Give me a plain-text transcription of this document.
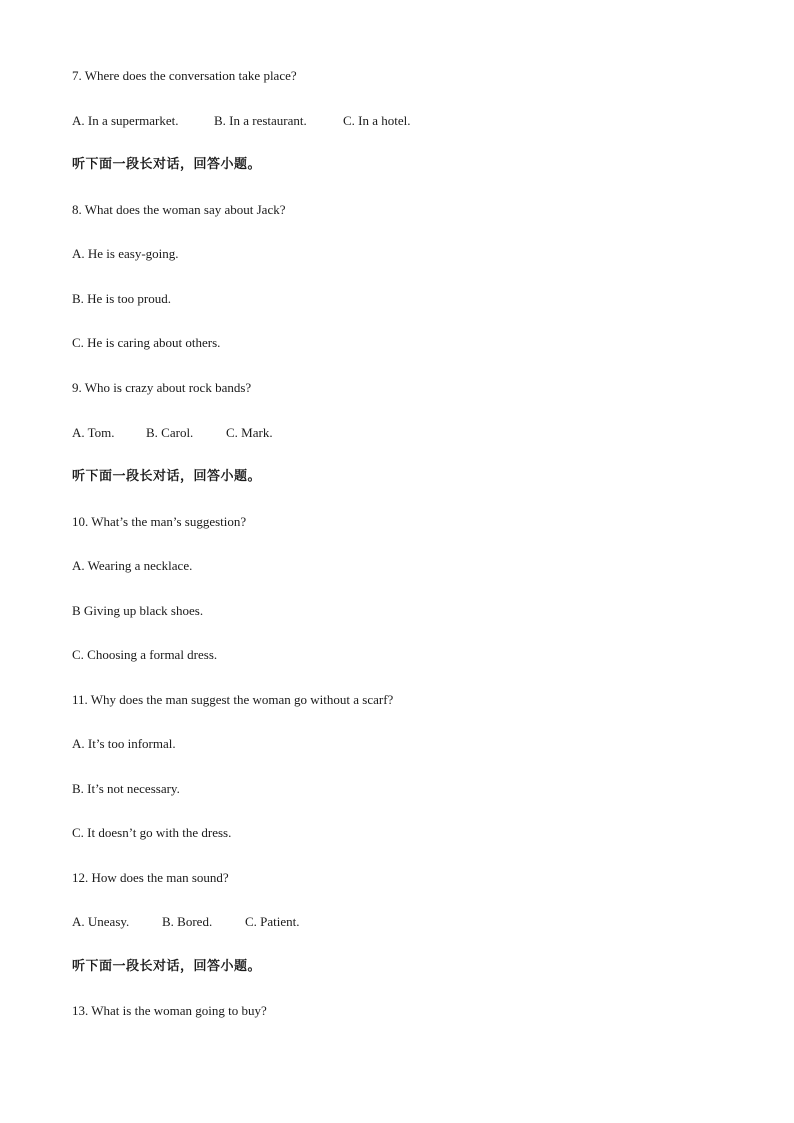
7. Where does the conversation take place?
A. In a supermarket.	B. In a restaurant.	C. In a hotel.
听下面一段长对话，回答小题。
8. What does the woman say about Jack?
A. He is easy-going.
B. He is too proud.
C. He is caring about others.
9. Who is crazy about rock bands?
A. Tom. B. Carol.	C. Mark.
听下面一段长对话，回答小题。
10. What’s the man’s suggestion?
A. Wearing a necklace.
B Giving up black shoes.
C. Choosing a formal dress.
11. Why does the man suggest the woman go without a scarf?
A. It’s too informal.
B. It’s not necessary.
C. It doesn’t go with the dress.
12. How does the man sound?
A. Uneasy.	B. Bored.	C. Patient.
听下面一段长对话，回答小题。
13. What is the woman going to buy?
